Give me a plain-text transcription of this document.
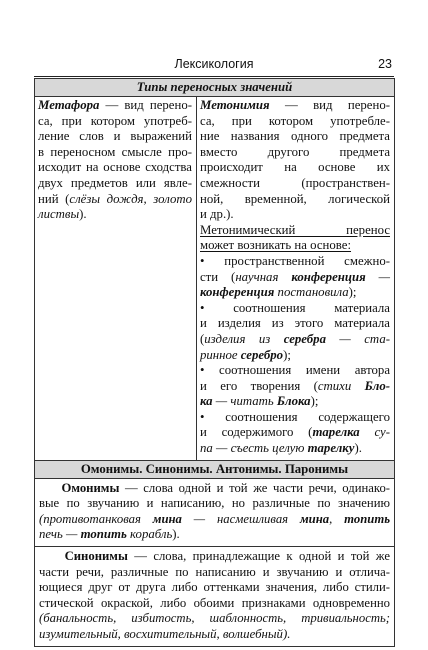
Лексикология	23
Типы переносных значений

Метафора — вид перено-
са, при котором употреб-
ление слов и выражений
в переносном смысле про-
исходит на основе сходства
двух предметов или явле-
ний (слёзы дождя, золото
листвы).

Метонимия — вид перено-
са, при котором употребле-
ние названия одного предмета
вместо другого предмета
происходит на основе их
смежности (пространствен-
ной, временной, логической
и др.).
Метонимический перенос
может возникать на основе:
• пространственной смежно-
сти (научная конференция —
конференция постановила);
• соотношения материала
и изделия из этого материала
(изделия из серебра — ста-
ринное серебро);
• соотношения имени автора
и его творения (стихи Бло-
ка — читать Блока);
• соотношения содержащего
и содержимого (тарелка су-
па — съесть целую тарелку).

Омонимы. Синонимы. Антонимы. Паронимы

Омонимы — слова одной и той же части речи, одинако-
вые по звучанию и написанию, но различные по значению
(противотанковая мина — насмешливая мина, топить
печь — топить корабль).

Синонимы — слова, принадлежащие к одной и той же
части речи, различные по написанию и звучанию и отлича-
ющиеся друг от друга либо оттенками значения, либо стили-
стической окраской, либо обоими признаками одновременно
(банальность, избитость, шаблонность, тривиальность;
изумительный, восхитительный, волшебный).
